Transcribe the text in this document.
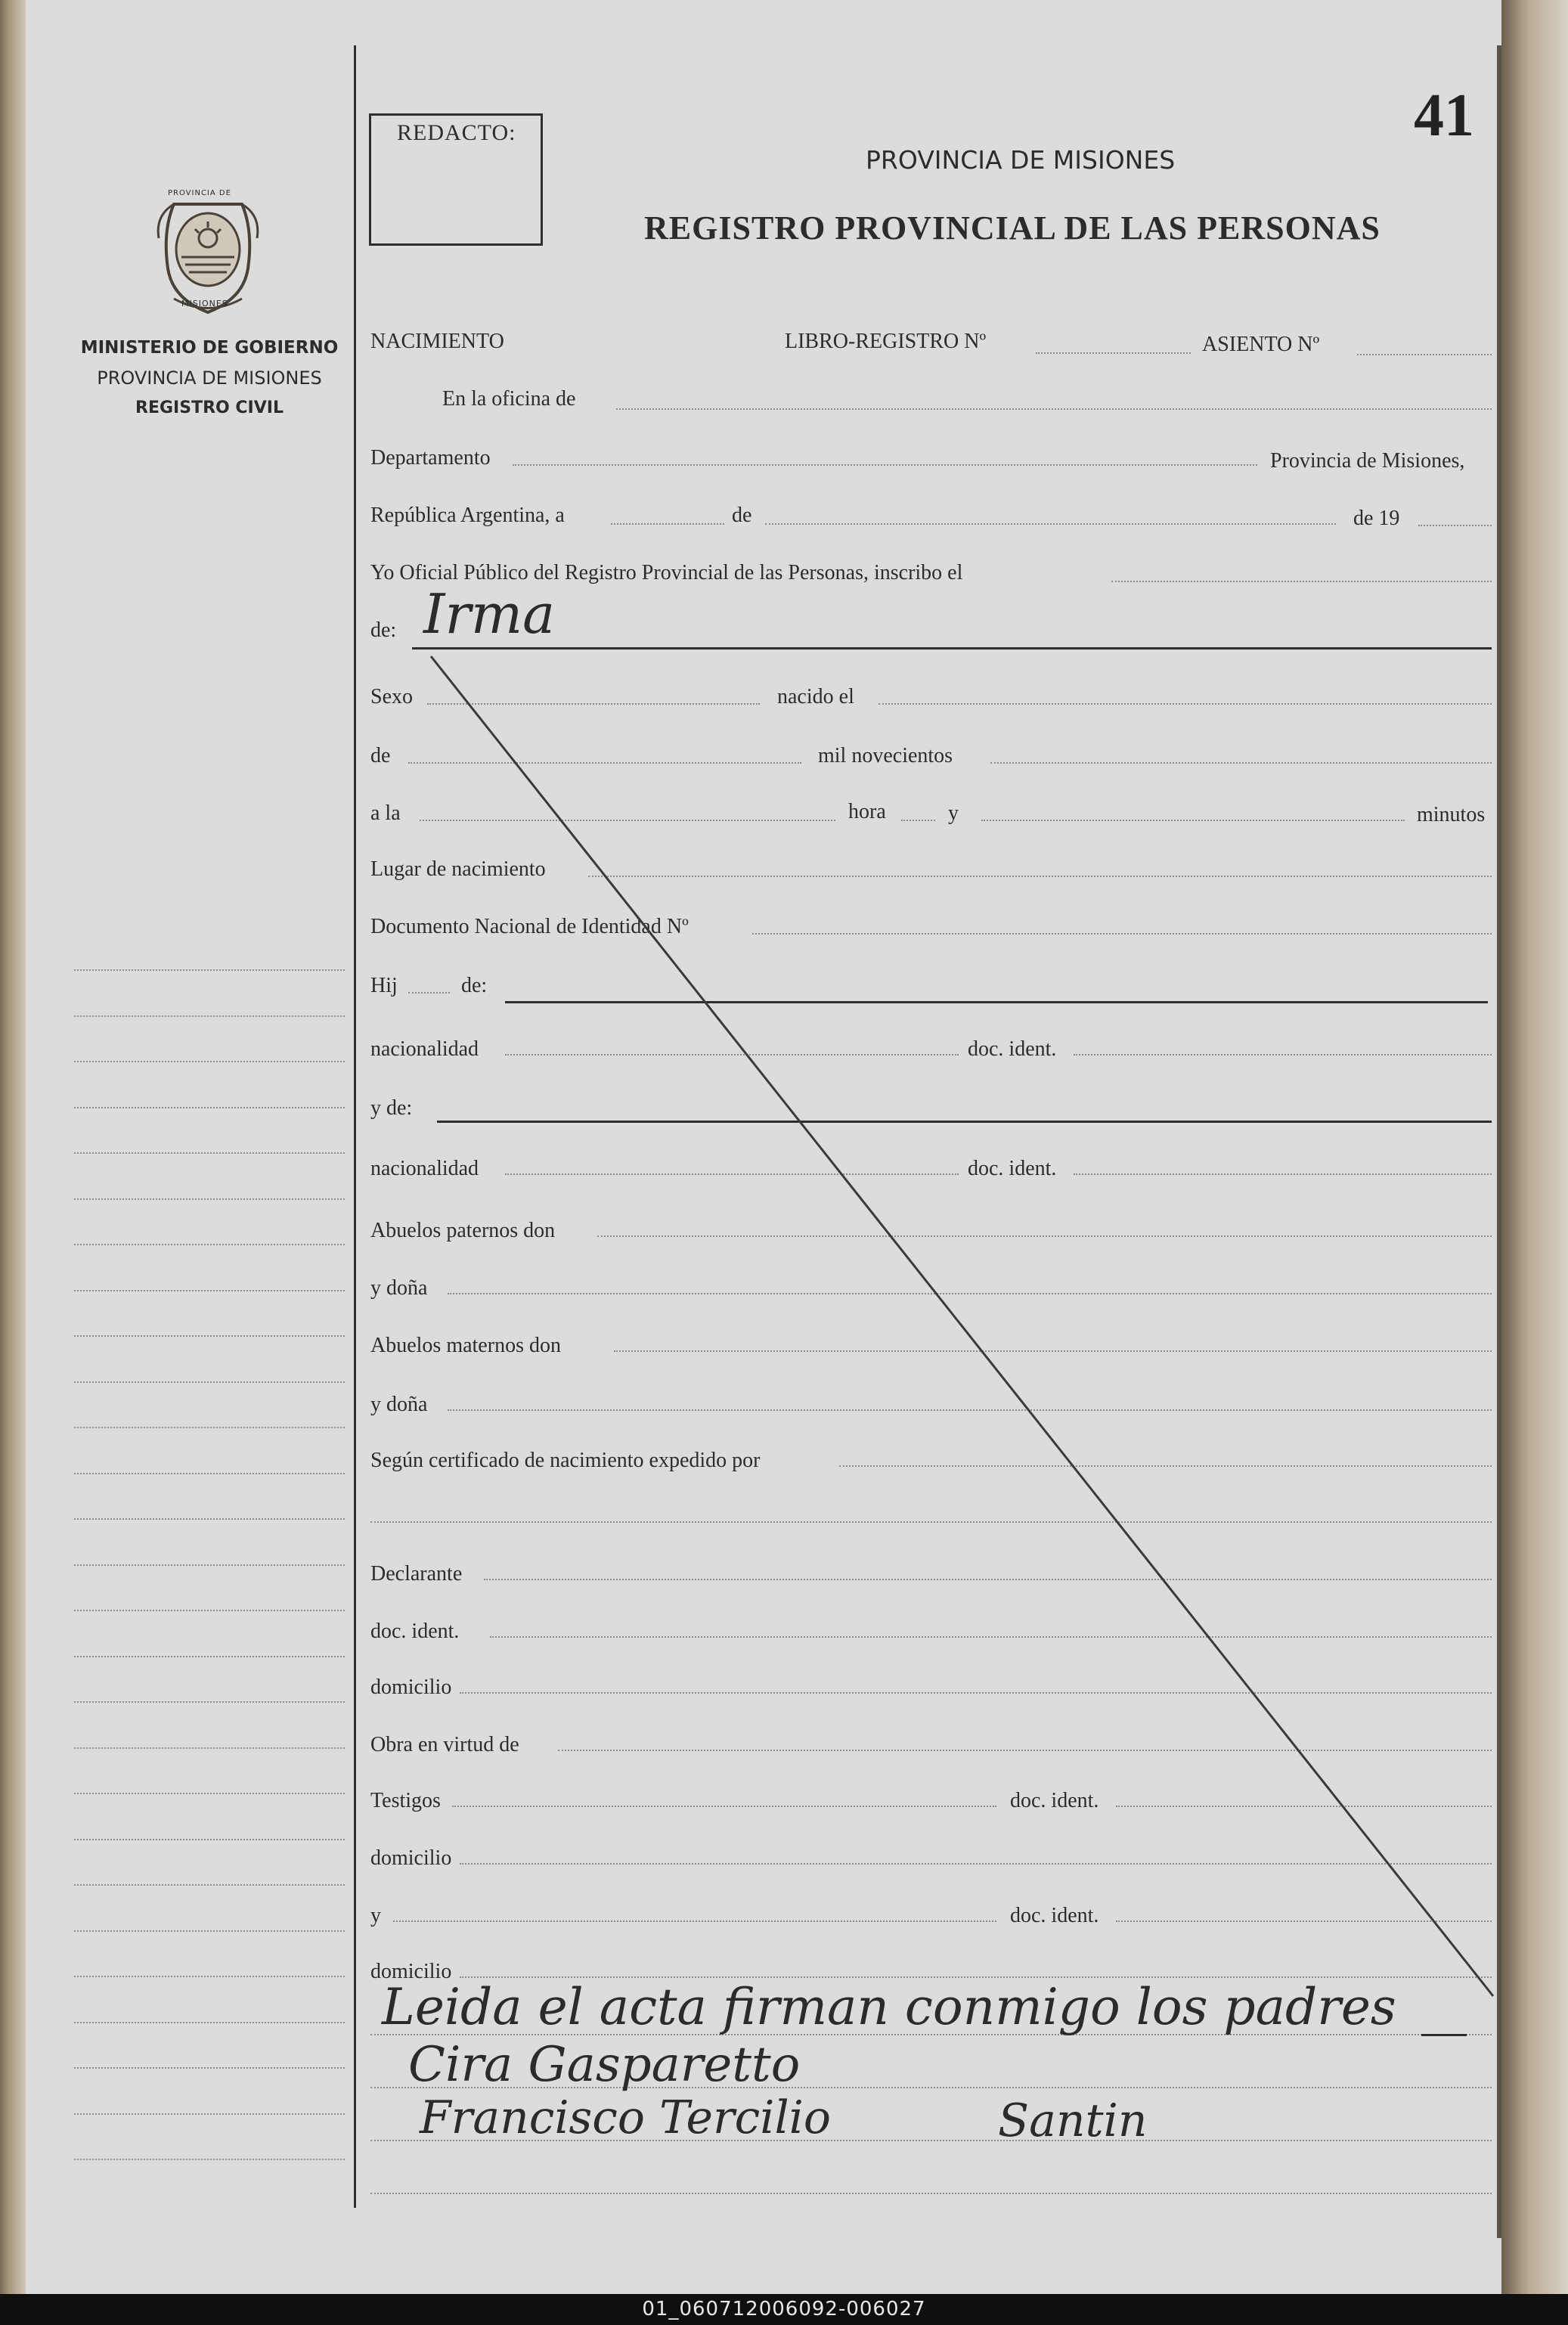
PROVINCIA DE
MISIONES
MINISTERIO DE GOBIERNO
PROVINCIA DE MISIONES
REGISTRO CIVIL
REDACTO:	41
PROVINCIA DE MISIONES
REGISTRO PROVINCIAL DE LAS PERSONAS
NACIMIENTO	LIBRO-REGISTRO Nº	ASIENTO Nº
En la oficina de
Departamento	Provincia de Misiones,
República Argentina, a	de	de 19
Yo Oficial Público del Registro Provincial de las Personas, inscribo el
de: Irma
Sexo	nacido el
de	mil novecientos
a la	hora	y	minutos
Lugar de nacimiento
Documento Nacional de Identidad Nº
Hij	de:
nacionalidad	doc. ident.
y de:
nacionalidad	doc. ident.
Abuelos paternos don
y doña
Abuelos maternos don
y doña
Según certificado de nacimiento expedido por
Declarante
doc. ident.
domicilio
Obra en virtud de
Testigos	doc. ident.
domicilio
y	doc. ident.
domicilio
Leida el acta firman conmigo los padres
Cira Gasparetto
Francisco Tercilio	Santin
01_060712006092-006027
